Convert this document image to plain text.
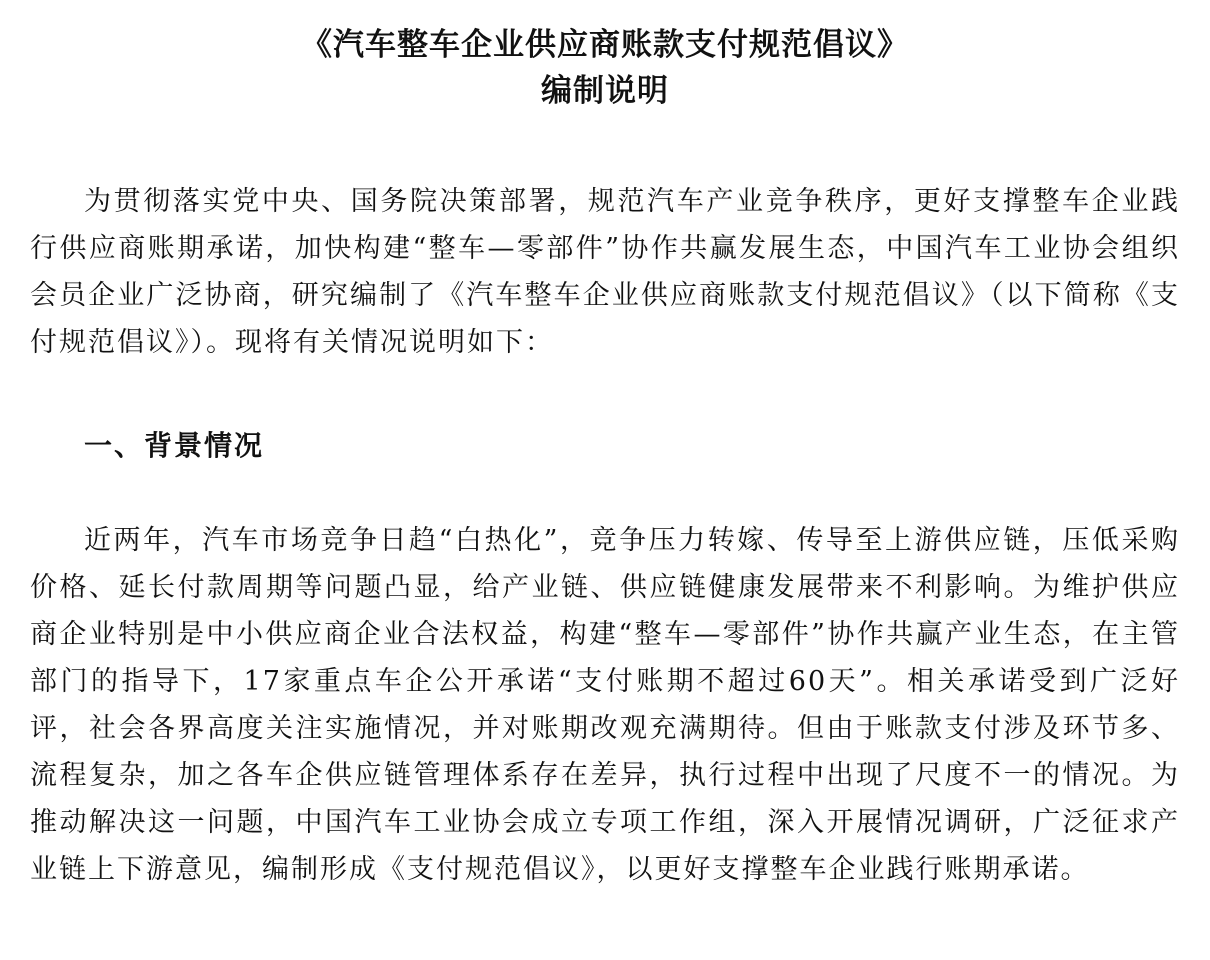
《汽车整车企业供应商账款支付规范倡议》
编制说明

为贯彻落实党中央、国务院决策部署，规范汽车产业竞争秩序，更好支撑整车企业践行供应商账期承诺，加快构建“整车—零部件”协作共赢发展生态，中国汽车工业协会组织会员企业广泛协商，研究编制了《汽车整车企业供应商账款支付规范倡议》（以下简称《支付规范倡议》）。现将有关情况说明如下：

一、背景情况

近两年，汽车市场竞争日趋“白热化”，竞争压力转嫁、传导至上游供应链，压低采购价格、延长付款周期等问题凸显，给产业链、供应链健康发展带来不利影响。为维护供应商企业特别是中小供应商企业合法权益，构建“整车—零部件”协作共赢产业生态，在主管部门的指导下，17家重点车企公开承诺“支付账期不超过60天”。相关承诺受到广泛好评，社会各界高度关注实施情况，并对账期改观充满期待。但由于账款支付涉及环节多、流程复杂，加之各车企供应链管理体系存在差异，执行过程中出现了尺度不一的情况。为推动解决这一问题，中国汽车工业协会成立专项工作组，深入开展情况调研，广泛征求产业链上下游意见，编制形成《支付规范倡议》，以更好支撑整车企业践行账期承诺。
